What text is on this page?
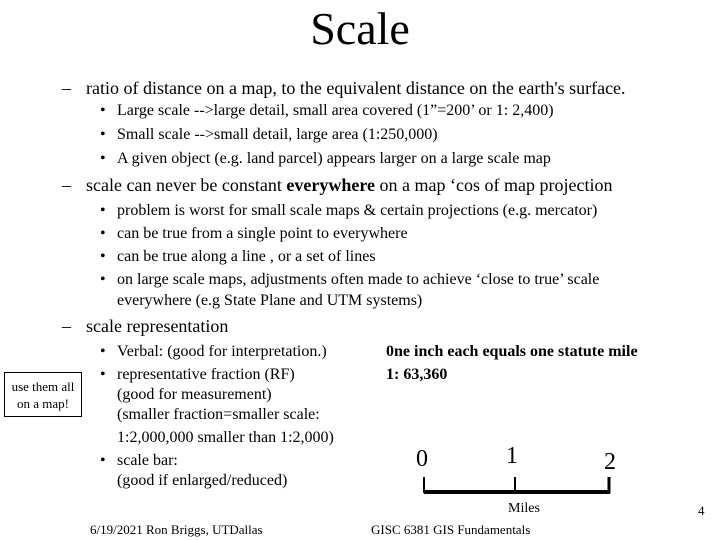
Scale
– ratio of distance on a map, to the equivalent distance on the earth's surface.
• Large scale -->large detail, small area covered (1”=200’ or 1: 2,400)
• Small scale -->small detail, large area (1:250,000)
• A given object (e.g. land parcel) appears larger on a large scale map
– scale can never be constant everywhere on a map ‘cos of map projection
• problem is worst for small scale maps & certain projections (e.g. mercator)
• can be true from a single point to everywhere
• can be true along a line , or a set of lines
• on large scale maps, adjustments often made to achieve ‘close to true’ scale
everywhere (e.g State Plane and UTM systems)
– scale representation
use them all
on a map!
• Verbal: (good for interpretation.)
• representative fraction (RF)
(good for measurement)
(smaller fraction=smaller scale:
1:2,000,000 smaller than 1:2,000)
• scale bar:
(good if enlarged/reduced)
0ne inch each equals one statute mile
1: 63,360
0	1	2
Miles
6/19/2021 Ron Briggs, UTDallas	GISC 6381 GIS Fundamentals
4
